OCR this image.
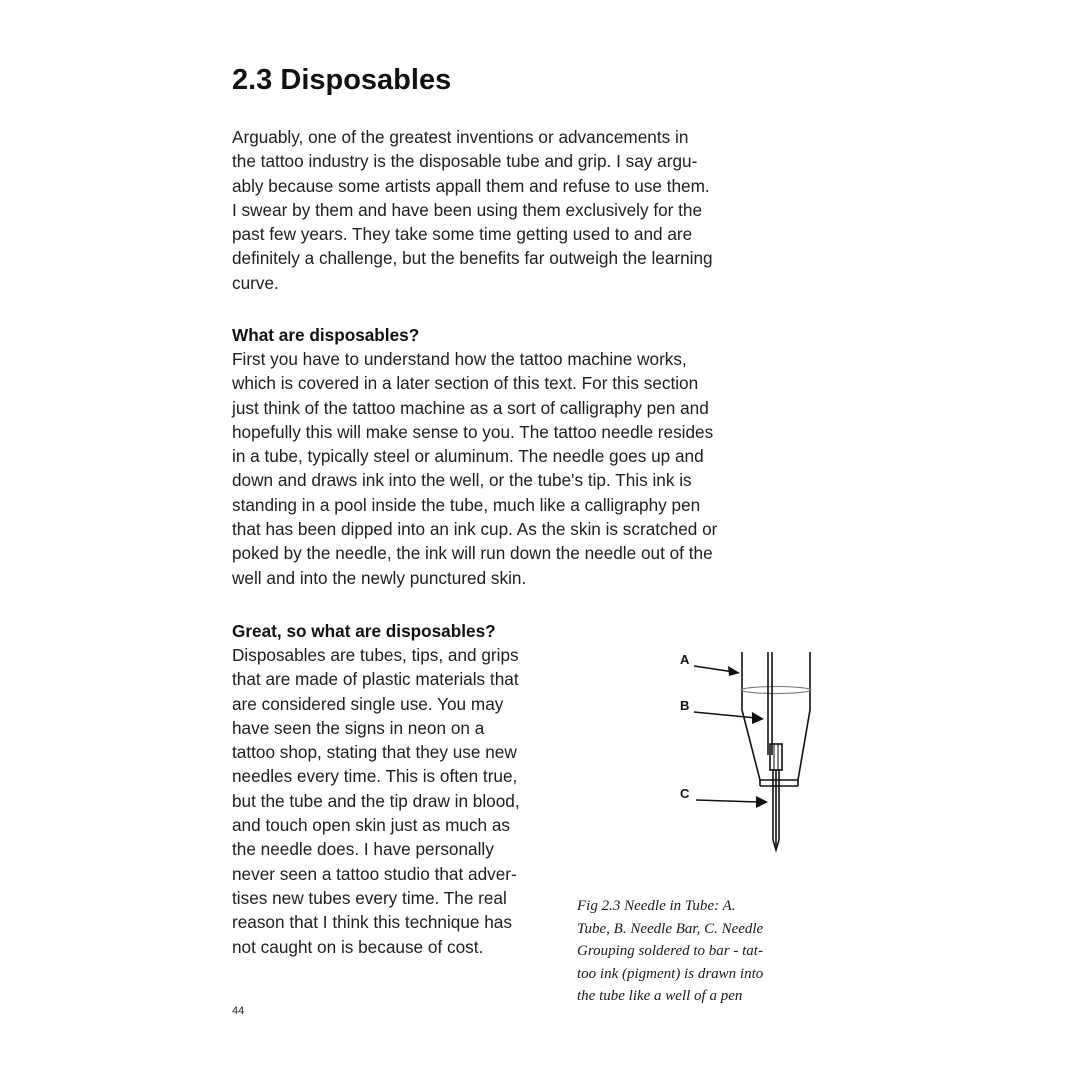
2.3 Disposables

Arguably, one of the greatest inventions or advancements in
the tattoo industry is the disposable tube and grip. I say argu-
ably because some artists appall them and refuse to use them.
I swear by them and have been using them exclusively for the
past few years. They take some time getting used to and are
definitely a challenge, but the benefits far outweigh the learning
curve.

What are disposables?

First you have to understand how the tattoo machine works,
which is covered in a later section of this text. For this section
just think of the tattoo machine as a sort of calligraphy pen and
hopefully this will make sense to you. The tattoo needle resides
in a tube, typically steel or aluminum. The needle goes up and
down and draws ink into the well, or the tube's tip. This ink is
standing in a pool inside the tube, much like a calligraphy pen
that has been dipped into an ink cup. As the skin is scratched or
poked by the needle, the ink will run down the needle out of the
well and into the newly punctured skin.

Great, so what are disposables?

Disposables are tubes, tips, and grips
that are made of plastic materials that
are considered single use. You may
have seen the signs in neon on a
tattoo shop, stating that they use new
needles every time. This is often true,
but the tube and the tip draw in blood,
and touch open skin just as much as
the needle does. I have personally
never seen a tattoo studio that adver-
tises new tubes every time. The real
reason that I think this technique has
not caught on is because of cost.

A
B
C
Fig 2.3 Needle in Tube: A.
Tube, B. Needle Bar, C. Needle
Grouping soldered to bar - tat-
too ink (pigment) is drawn into
the tube like a well of a pen
44
